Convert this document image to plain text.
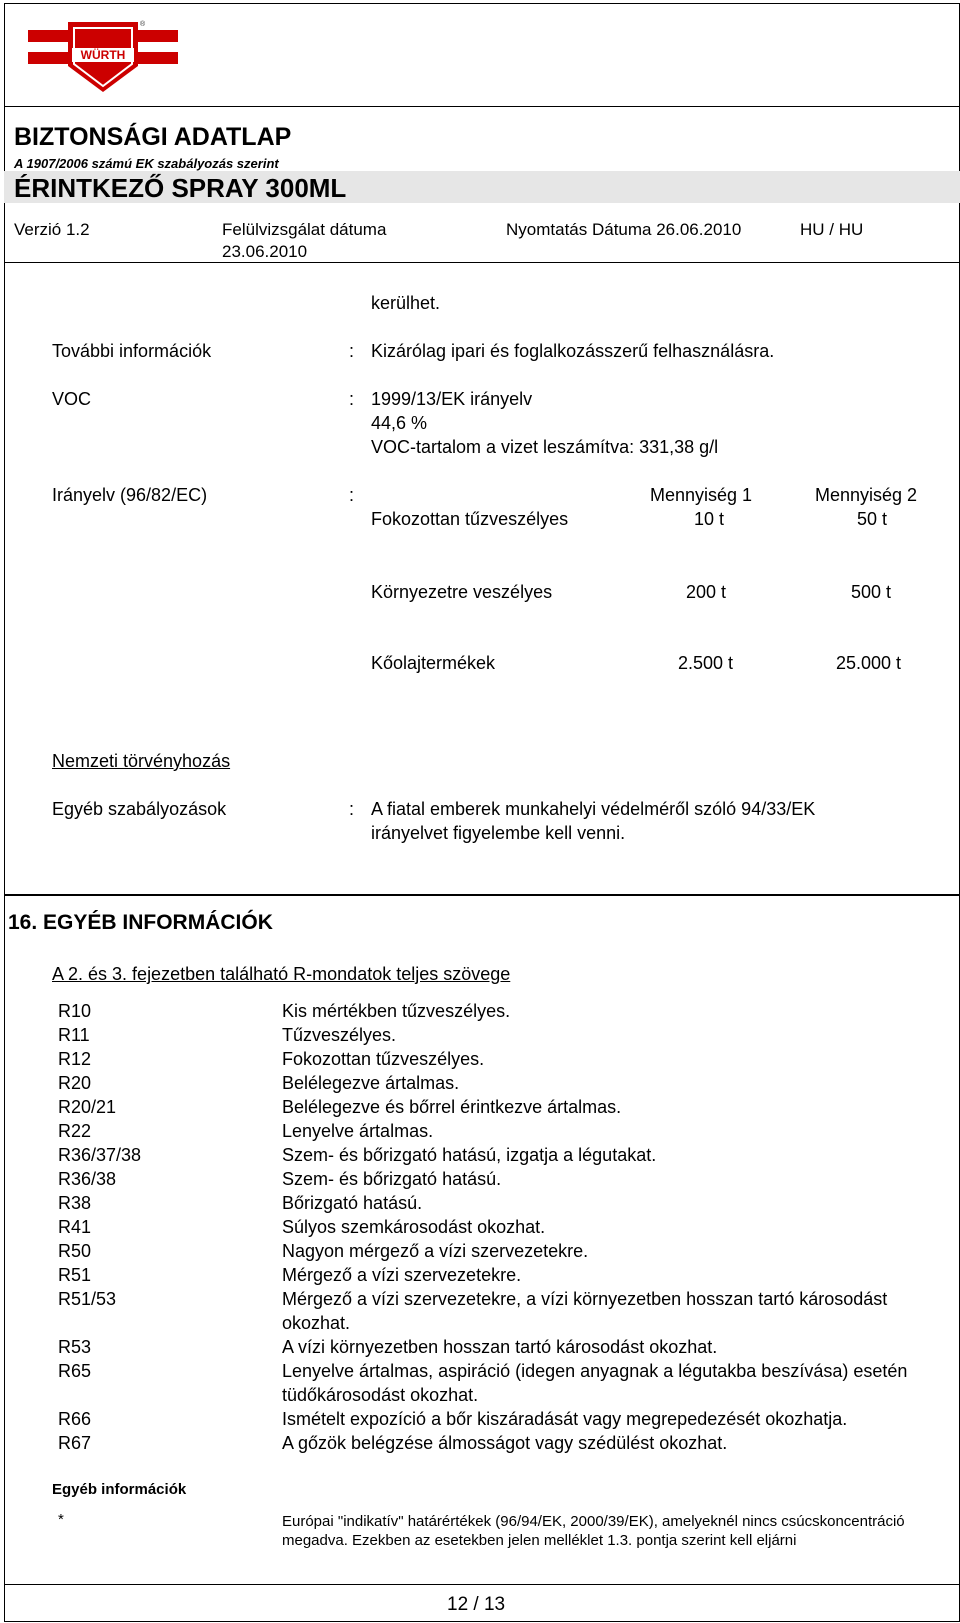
WÜRTH
®
BIZTONSÁGI ADATLAP
A 1907/2006 számú EK szabályozás szerint
ÉRINTKEZŐ SPRAY 300ML
Verzió 1.2	Felülvizsgálat dátuma
23.06.2010
Nyomtatás Dátuma 26.06.2010	HU / HU
kerülhet.
További információk	: Kizárólag ipari és foglalkozásszerű felhasználásra.
VOC	: 1999/13/EK irányelv
44,6 %
VOC-tartalom a vizet leszámítva: 331,38 g/l
Irányelv (96/82/EC)	:	Mennyiség 1	Mennyiség 2
Fokozottan tűzveszélyes	10 t	50 t
Környezetre veszélyes	200 t	500 t
Kőolajtermékek	2.500 t	25.000 t
Nemzeti törvényhozás
Egyéb szabályozások	: A fiatal emberek munkahelyi védelméről szóló 94/33/EK
irányelvet figyelembe kell venni.
16. EGYÉB INFORMÁCIÓK
A 2. és 3. fejezetben található R-mondatok teljes szövege
R10	Kis mértékben tűzveszélyes.
R11	Tűzveszélyes.
R12	Fokozottan tűzveszélyes.
R20	Belélegezve ártalmas.
R20/21	Belélegezve és bőrrel érintkezve ártalmas.
R22	Lenyelve ártalmas.
R36/37/38	Szem- és bőrizgató hatású, izgatja a légutakat.
R36/38	Szem- és bőrizgató hatású.
R38	Bőrizgató hatású.
R41	Súlyos szemkárosodást okozhat.
R50	Nagyon mérgező a vízi szervezetekre.
R51	Mérgező a vízi szervezetekre.
R51/53	Mérgező a vízi szervezetekre, a vízi környezetben hosszan tartó károsodást okozhat.
R53	A vízi környezetben hosszan tartó károsodást okozhat.
R65	Lenyelve ártalmas, aspiráció (idegen anyagnak a légutakba beszívása) esetén tüdőkárosodást okozhat.
R66	Ismételt expozíció a bőr kiszáradását vagy megrepedezését okozhatja.
R67	A gőzök belégzése álmosságot vagy szédülést okozhat.
Egyéb információk
*	Európai "indikatív" határértékek (96/94/EK, 2000/39/EK), amelyeknél nincs csúcskoncentráció megadva. Ezekben az esetekben jelen melléklet 1.3. pontja szerint kell eljárni
12 / 13
